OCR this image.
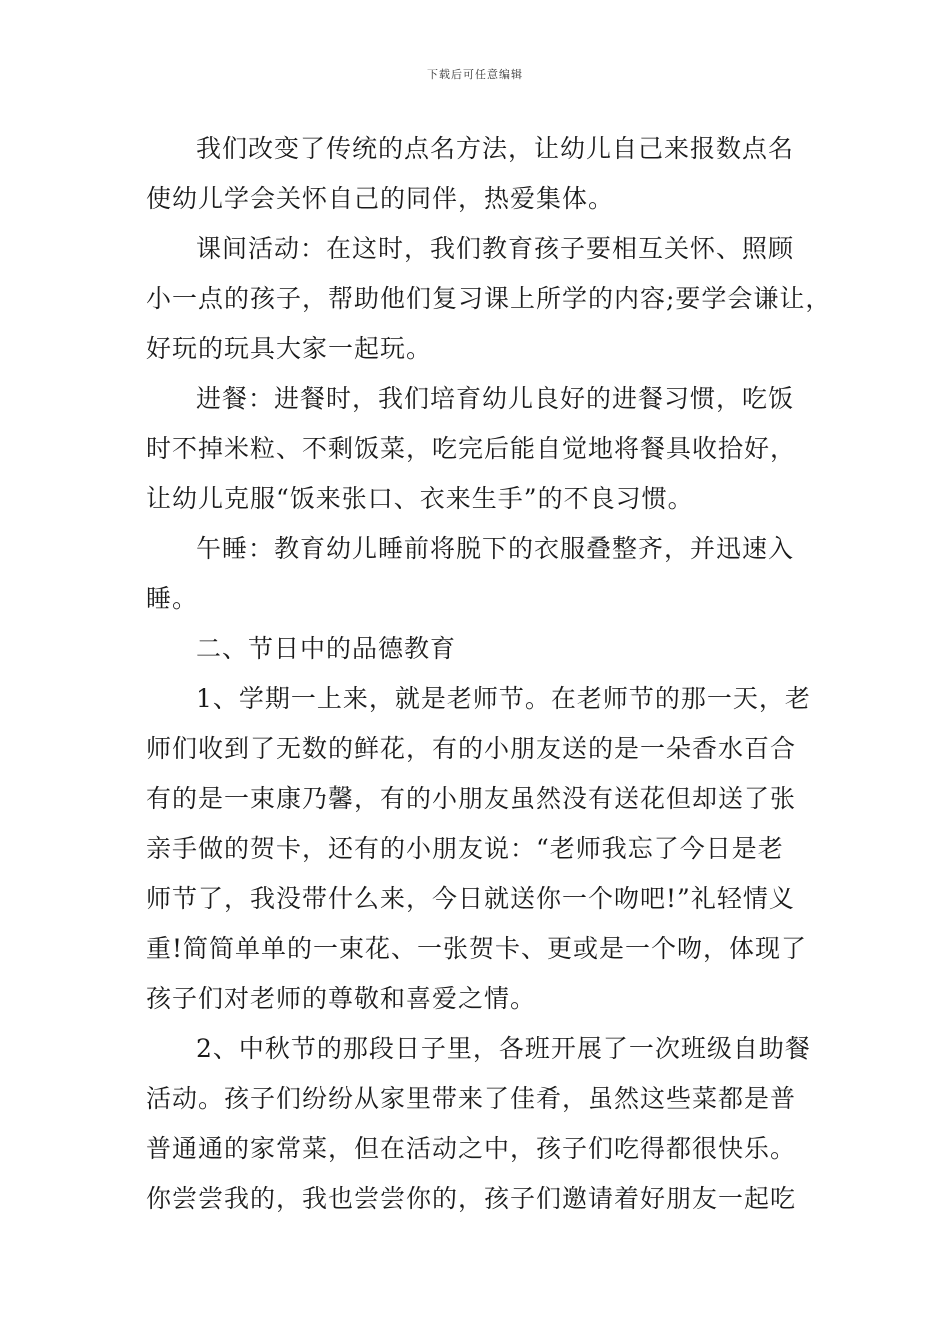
下载后可任意编辑
我们改变了传统的点名方法，让幼儿自己来报数点名
使幼儿学会关怀自己的同伴，热爱集体。
课间活动：在这时，我们教育孩子要相互关怀、照顾
小一点的孩子，帮助他们复习课上所学的内容;要学会谦让，
好玩的玩具大家一起玩。
进餐：进餐时，我们培育幼儿良好的进餐习惯，吃饭
时不掉米粒、不剩饭菜，吃完后能自觉地将餐具收拾好，
让幼儿克服“饭来张口、衣来生手”的不良习惯。
午睡：教育幼儿睡前将脱下的衣服叠整齐，并迅速入
睡。
二、节日中的品德教育
1、学期一上来，就是老师节。在老师节的那一天，老
师们收到了无数的鲜花，有的小朋友送的是一朵香水百合
有的是一束康乃馨，有的小朋友虽然没有送花但却送了张
亲手做的贺卡，还有的小朋友说：“老师我忘了今日是老
师节了，我没带什么来，今日就送你一个吻吧!”礼轻情义
重!简简单单的一束花、一张贺卡、更或是一个吻，体现了
孩子们对老师的尊敬和喜爱之情。
2、中秋节的那段日子里，各班开展了一次班级自助餐
活动。孩子们纷纷从家里带来了佳肴，虽然这些菜都是普
普通通的家常菜，但在活动之中，孩子们吃得都很快乐。
你尝尝我的，我也尝尝你的，孩子们邀请着好朋友一起吃
